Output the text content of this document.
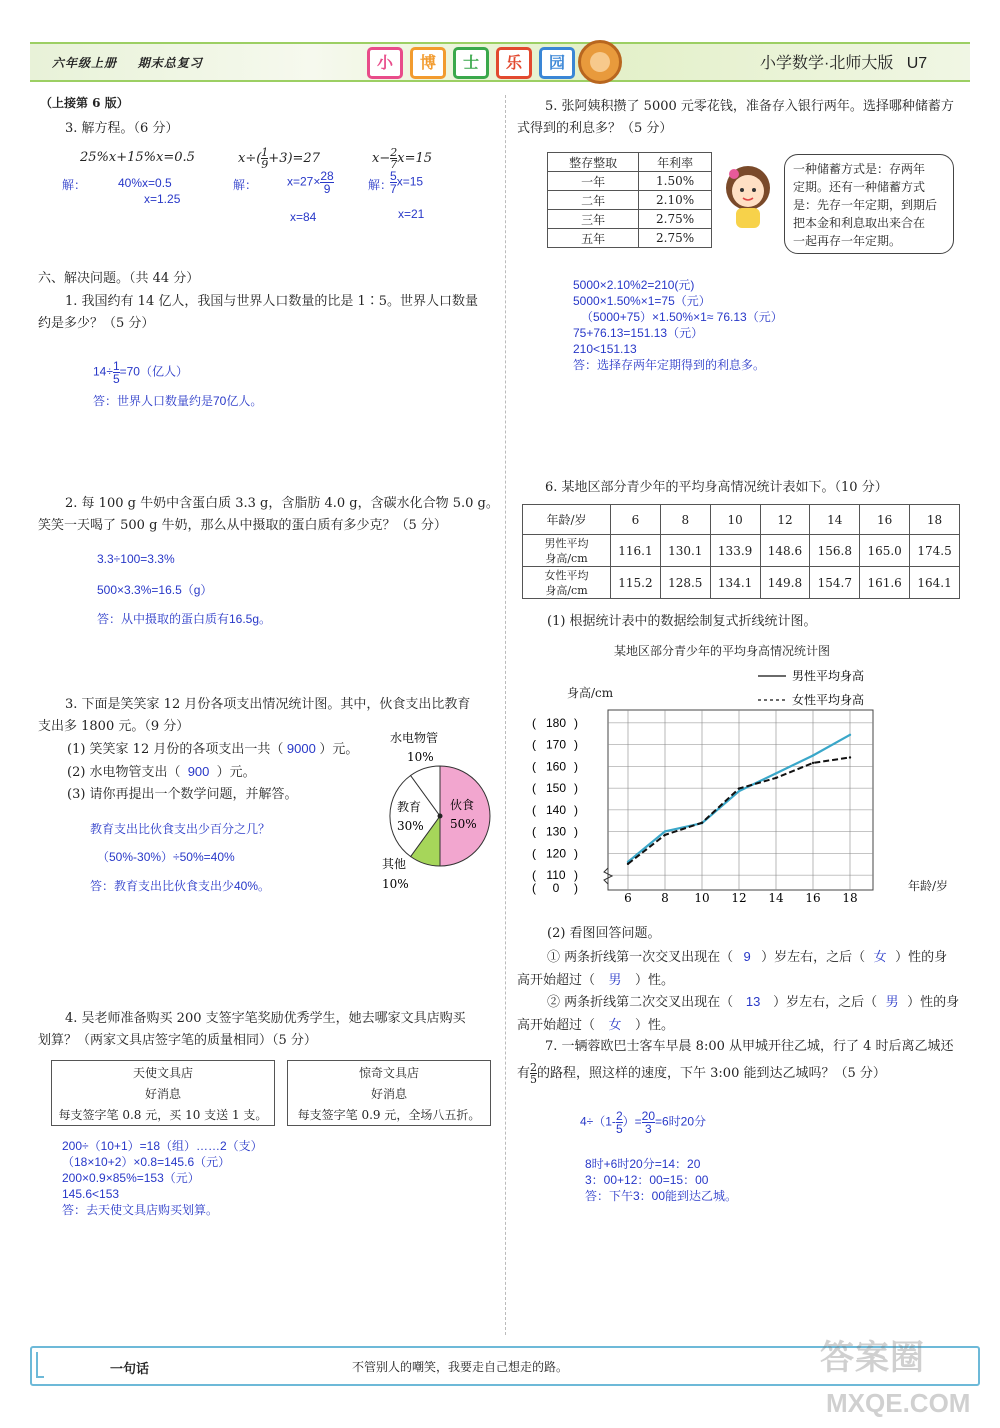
六年级上册 期末总复习	小	博	士	乐	园	小学数学·北师大版 U7
（上接第 6 版）
3. 解方程。（6 分）
25%x+15%x=0.5
解：	40%x=0.5
x=1.25
$x\div( \frac{1}{9} +3)=27$
解： $x=27\times \frac{28}{9}$
x=84
$x- \frac{2}{7} x=15$
解：
$\frac{5}{7} x=15$
x=21
六、解决问题。（共 44 分）
1. 我国约有 14 亿人，我国与世界人口数量的比是 1∶5。世界人口数量
约是多少？（5 分）
$14\div \frac{1}{5} =70$（亿人）
答：世界人口数量约是70亿人。
2. 每 100 g 牛奶中含蛋白质 3.3 g，含脂肪 4.0 g，含碳水化合物 5.0 g。
笑笑一天喝了 500 g 牛奶，那么从中摄取的蛋白质有多少克？（5 分）
3.3÷100=3.3%
500×3.3%=16.5（g）
答：从中摄取的蛋白质有16.5g。
3. 下面是笑笑家 12 月份各项支出情况统计图。其中，伙食支出比教育
支出多 1800 元。（9 分）
(1) 笑笑家 12 月份的各项支出一共（ 9000 ）元。
(2) 水电物管支出（ 900 ）元。
(3) 请你再提出一个数学问题，并解答。
教育支出比伙食支出少百分之几？
（50%-30%）÷50%=40%
答：教育支出比伙食支出少40%。
水电物管
10%
伙食
50%
教育
30%
其他
10%
4. 吴老师准备购买 200 支签字笔奖励优秀学生，她去哪家文具店购买
划算？（两家文具店签字笔的质量相同）（5 分）
天使文具店
好消息
每支签字笔 0.8 元，买 10 支送 1 支。
惊奇文具店
好消息
每支签字笔 0.9 元，全场八五折。
200÷（10+1）=18（组）……2（支）
（18×10+2）×0.8=145.6（元）
200×0.9×85%=153（元）
145.6<153
答：去天使文具店购买划算。
5. 张阿姨积攒了 5000 元零花钱，准备存入银行两年。选择哪种储蓄方
式得到的利息多？（5 分）
整存整取	年利率
一年	1.50%
二年	2.10%
三年	2.75%
五年	2.75%
一种储蓄方式是：存两年
定期。还有一种储蓄方式
是：先存一年定期，到期后
把本金和利息取出来合在
一起再存一年定期。
5000×2.10%2=210(元)
5000×1.50%×1=75（元）
（5000+75）×1.50%×1≈ 76.13（元）
75+76.13=151.13（元）
210<151.13
答：选择存两年定期得到的利息多。
6. 某地区部分青少年的平均身高情况统计表如下。（10 分）
年龄/岁	6	8	10	12	14	16	18

男性平均
身高/cm	116.1	130.1	133.9	148.6	156.8	165.0	174.5

女性平均
身高/cm	115.2	128.5	134.1	149.8	154.7	161.6	164.1
(1) 根据统计表中的数据绘制复式折线统计图。
某地区部分青少年的平均身高情况统计图
身高/cm
年龄/岁
男性平均身高
女性平均身高
180
(	)
170
(	)
160
(	)
150
(	)
140
(	)
130
(	)
120
(	)
110
(	)
0
(	)
6 8 10 12 14 16 18
(2) 看图回答问题。
① 两条折线第一次交叉出现在（ 9 ）岁左右，之后（ 女 ）性的身
高开始超过（ 男 ）性。
② 两条折线第二次交叉出现在（ 13 ）岁左右，之后（ 男 ）性的身
高开始超过（ 女 ）性。
7. 一辆蓉欧巴士客车早晨 8:00 从甲城开往乙城，行了 4 时后离乙城还
有 $\frac{2}{5}$ 的路程，照这样的速度，下午 3:00 能到达乙城吗？（5 分）
$4\div(1- \frac{2}{5}$ ）= $\frac{20}{3} =6$时20分
8时+6时20分=14：20
3：00+12：00=15：00
答：下午3：00能到达乙城。
一句话	不管别人的嘲笑，我要走自己想走的路。	答案圈
MXQE.COM
